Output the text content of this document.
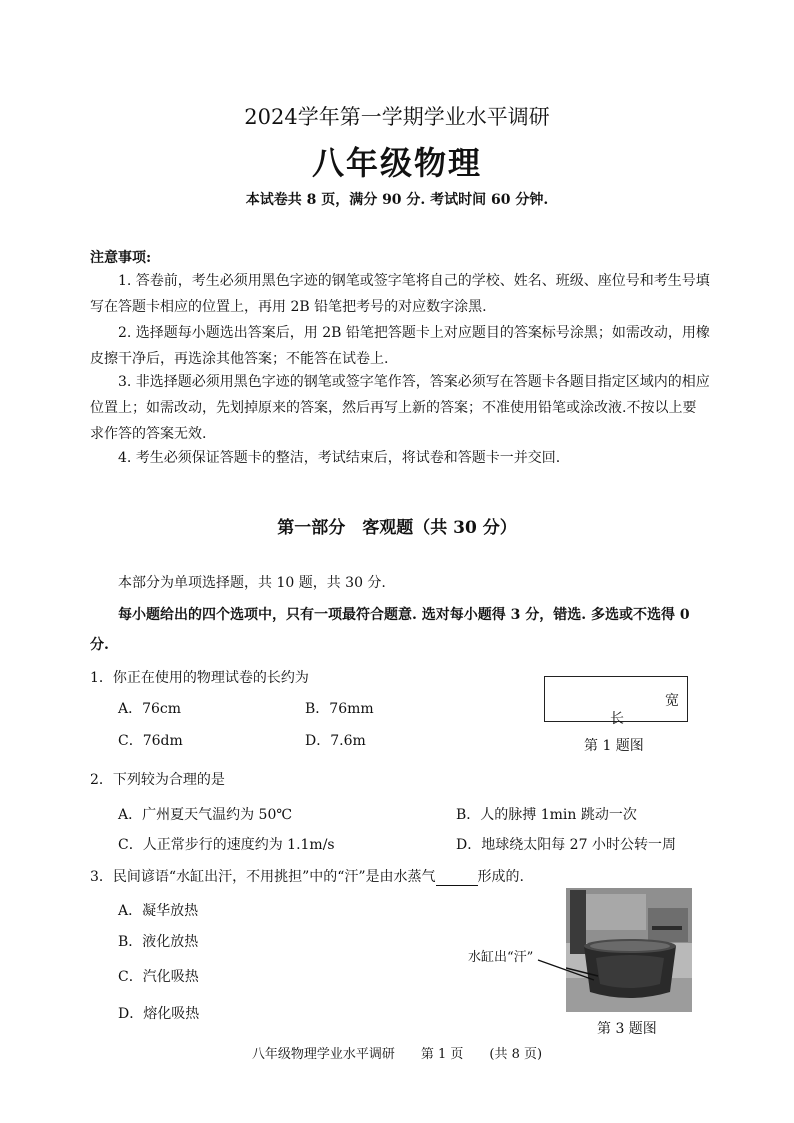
2024学年第一学期学业水平调研
八年级物理
本试卷共 8 页，满分 90 分. 考试时间 60 分钟.
注意事项:
1. 答卷前，考生必须用黑色字迹的钢笔或签字笔将自己的学校、姓名、班级、座位号和考生号填写在答题卡相应的位置上，再用 2B 铅笔把考号的对应数字涂黑.
2. 选择题每小题选出答案后，用 2B 铅笔把答题卡上对应题目的答案标号涂黑；如需改动，用橡皮擦干净后，再选涂其他答案；不能答在试卷上.
3. 非选择题必须用黑色字迹的钢笔或签字笔作答，答案必须写在答题卡各题目指定区域内的相应位置上；如需改动，先划掉原来的答案，然后再写上新的答案；不准使用铅笔或涂改液.不按以上要求作答的答案无效.
4. 考生必须保证答题卡的整洁，考试结束后，将试卷和答题卡一并交回.
第一部分　客观题（共 30 分）
本部分为单项选择题，共 10 题，共 30 分.
每小题给出的四个选项中，只有一项最符合题意. 选对每小题得 3 分，错选. 多选或不选得 0 分.
1．你正在使用的物理试卷的长约为
A．76cm	B．76mm
C．76dm	D．7.6m
宽
长
第 1 题图
2．下列较为合理的是
A．广州夏天气温约为 50℃	B．人的脉搏 1min 跳动一次
C．人正常步行的速度约为 1.1m/s	D．地球绕太阳每 27 小时公转一周
3．民间谚语“水缸出汗，不用挑担”中的“汗”是由水蒸气	形成的.
A．凝华放热
B．液化放热
C．汽化吸热
D．熔化吸热
水缸出“汗”
第 3 题图
八年级物理学业水平调研　　第 1 页　　(共 8 页)
